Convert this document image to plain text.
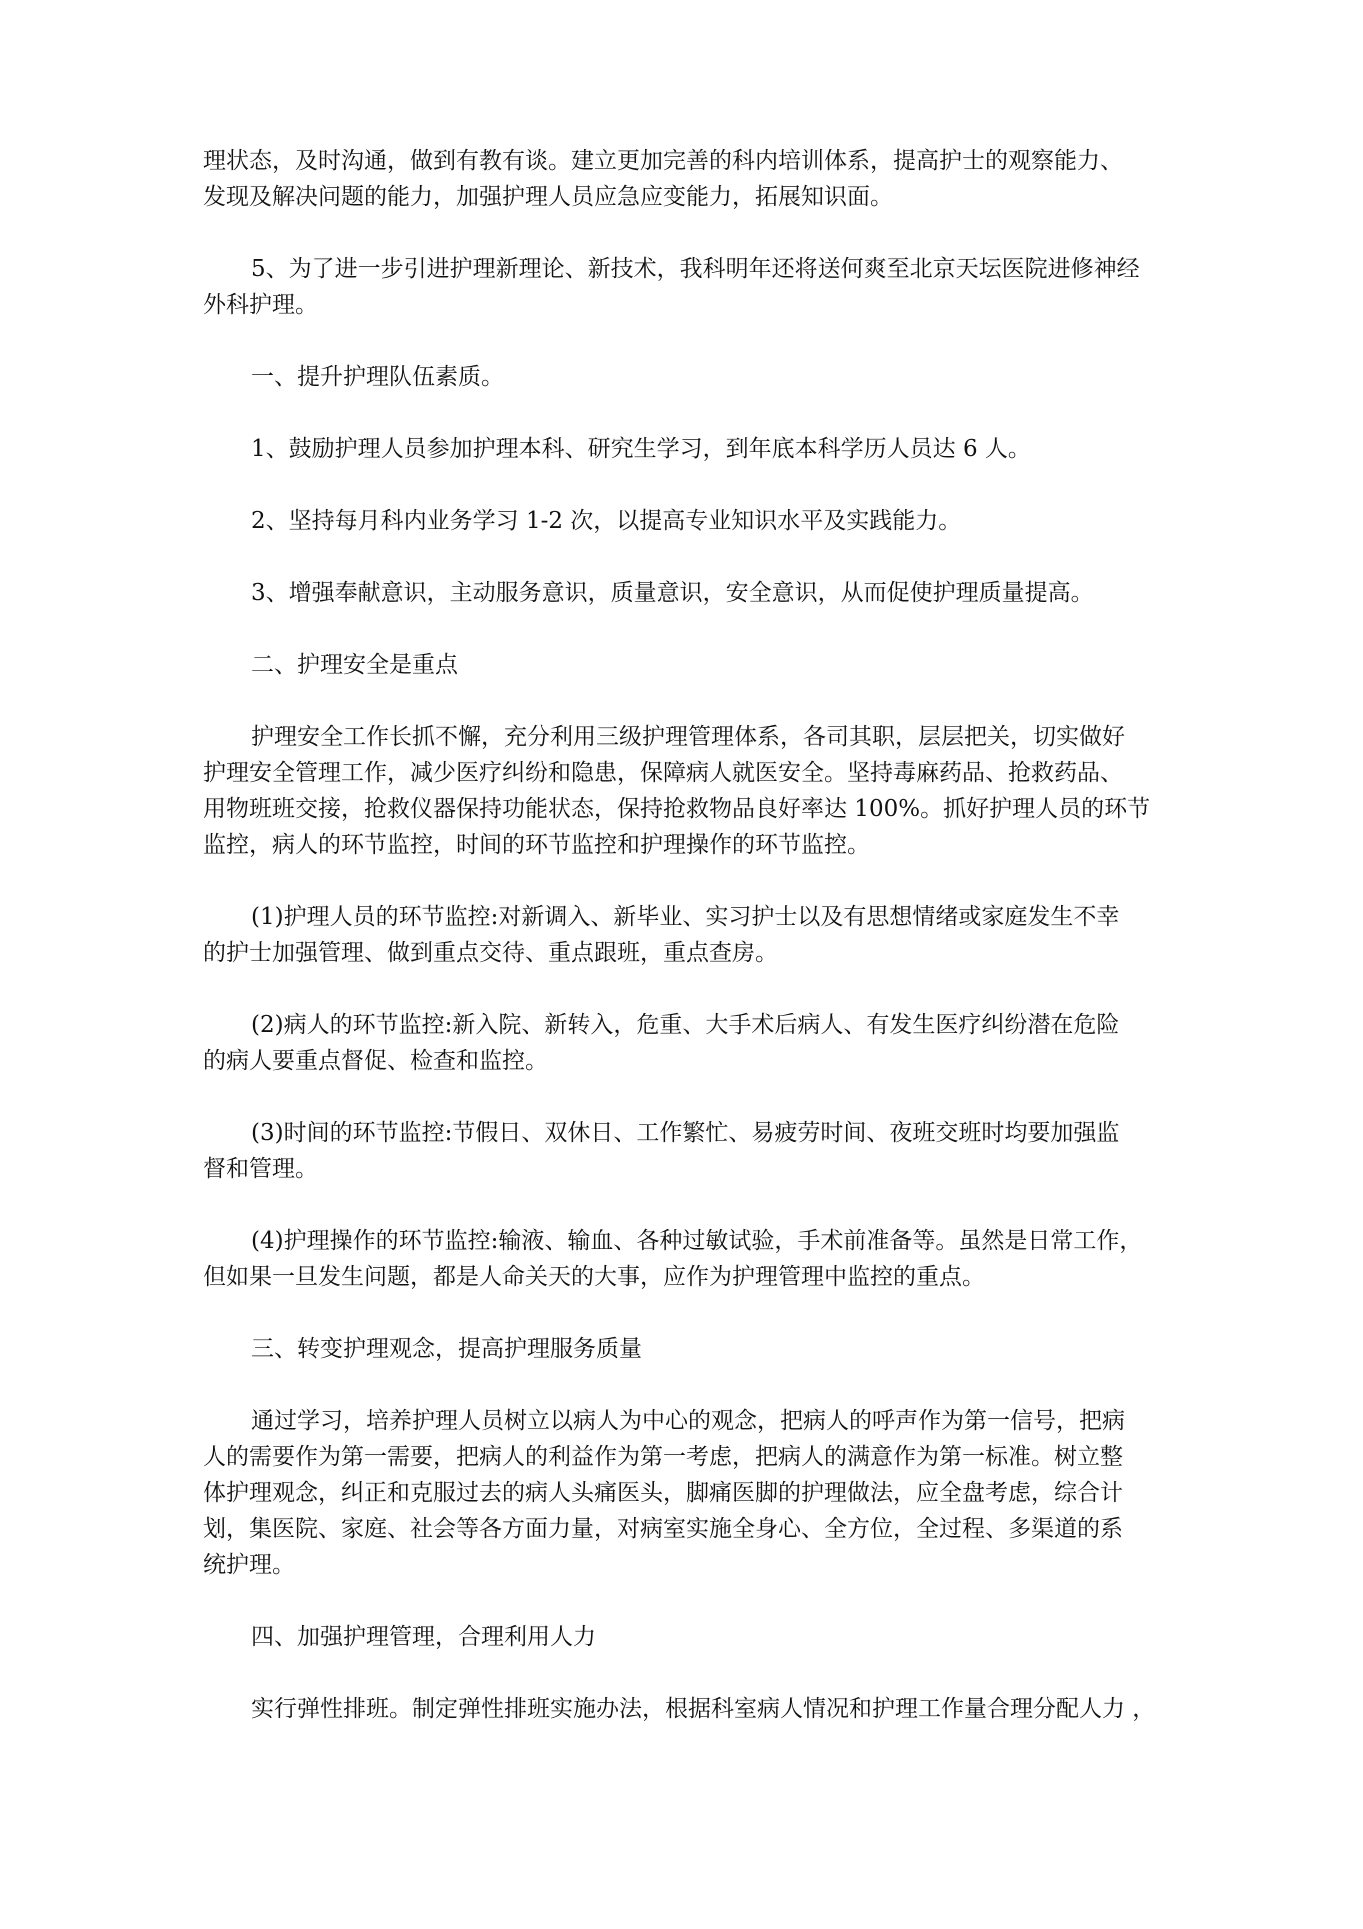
理状态，及时沟通，做到有教有谈。建立更加完善的科内培训体系，提高护士的观察能力、
发现及解决问题的能力，加强护理人员应急应变能力，拓展知识面。
5、为了进一步引进护理新理论、新技术，我科明年还将送何爽至北京天坛医院进修神经
外科护理。
一、提升护理队伍素质。
1、鼓励护理人员参加护理本科、研究生学习，到年底本科学历人员达 6 人。
2、坚持每月科内业务学习 1-2 次，以提高专业知识水平及实践能力。
3、增强奉献意识，主动服务意识，质量意识，安全意识，从而促使护理质量提高。
二、护理安全是重点
护理安全工作长抓不懈，充分利用三级护理管理体系，各司其职，层层把关，切实做好
护理安全管理工作，减少医疗纠纷和隐患，保障病人就医安全。坚持毒麻药品、抢救药品、
用物班班交接，抢救仪器保持功能状态，保持抢救物品良好率达 100%。抓好护理人员的环节
监控，病人的环节监控，时间的环节监控和护理操作的环节监控。
(1)护理人员的环节监控:对新调入、新毕业、实习护士以及有思想情绪或家庭发生不幸
的护士加强管理、做到重点交待、重点跟班，重点查房。
(2)病人的环节监控:新入院、新转入，危重、大手术后病人、有发生医疗纠纷潜在危险
的病人要重点督促、检查和监控。
(3)时间的环节监控:节假日、双休日、工作繁忙、易疲劳时间、夜班交班时均要加强监
督和管理。
(4)护理操作的环节监控:输液、输血、各种过敏试验，手术前准备等。虽然是日常工作，
但如果一旦发生问题，都是人命关天的大事，应作为护理管理中监控的重点。
三、转变护理观念，提高护理服务质量
通过学习，培养护理人员树立以病人为中心的观念，把病人的呼声作为第一信号，把病
人的需要作为第一需要，把病人的利益作为第一考虑，把病人的满意作为第一标准。树立整
体护理观念，纠正和克服过去的病人头痛医头，脚痛医脚的护理做法，应全盘考虑，综合计
划，集医院、家庭、社会等各方面力量，对病室实施全身心、全方位，全过程、多渠道的系
统护理。
四、加强护理管理，合理利用人力
实行弹性排班。制定弹性排班实施办法，根据科室病人情况和护理工作量合理分配人力 ，
